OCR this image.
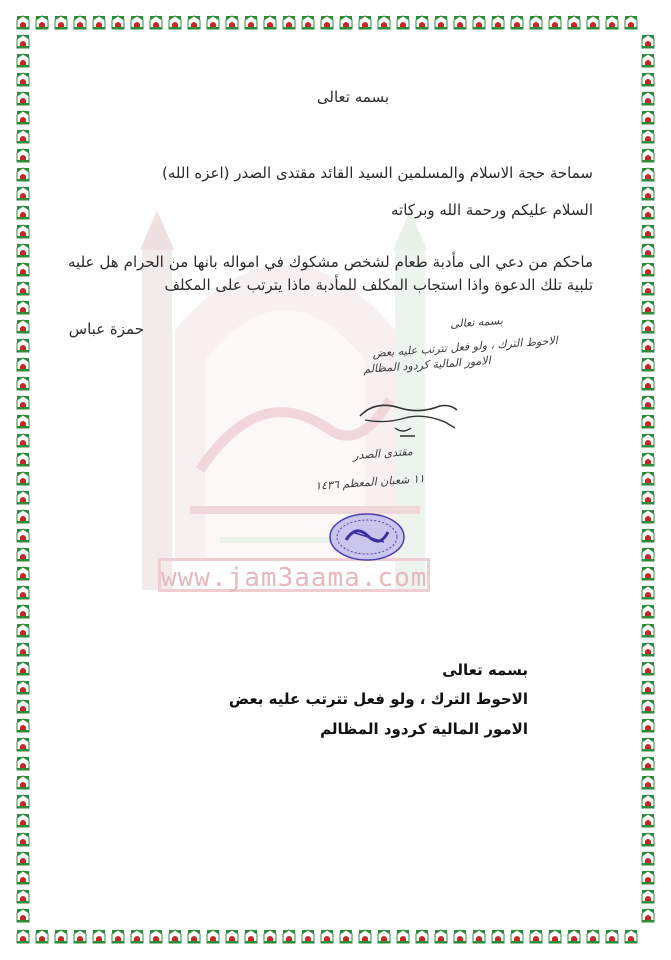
www.jam3aama.com
بسمه تعالى
سماحة حجة الاسلام والمسلمين السيد القائد مقتدى الصدر (اعزه الله)
السلام عليكم ورحمة الله وبركاته
ماحكم من دعي الى مأدبة طعام لشخص مشكوك في امواله بانها من الحرام هل عليه تلبية تلك الدعوة واذا استجاب المكلف للمأدبة ماذا يترتب على المكلف
حمزة عباس	بسمه تعالى
الاحوط الترك ، ولو فعل تترتب عليه بعض
الامور المالية كردود المظالم
مقتدى الصدر
١١ شعبان المعظم ١٤٣٦
بسمه تعالى
الاحوط الترك ، ولو فعل تترتب عليه بعض
الامور المالية كردود المظالم
